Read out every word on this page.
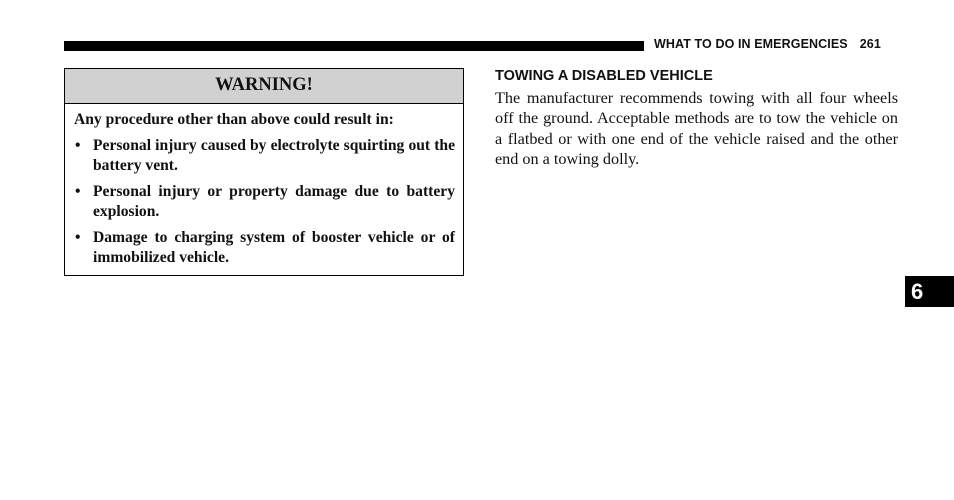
WHAT TO DO IN EMERGENCIES 261
WARNING!

Any procedure other than above could result in:

• Personal injury caused by electrolyte squirting out the battery vent.
• Personal injury or property damage due to battery explosion.
• Damage to charging system of booster vehicle or of immobilized vehicle.
TOWING A DISABLED VEHICLE

The manufacturer recommends towing with all four wheels off the ground. Acceptable methods are to tow the vehicle on a flatbed or with one end of the vehicle raised and the other end on a towing dolly.

6
